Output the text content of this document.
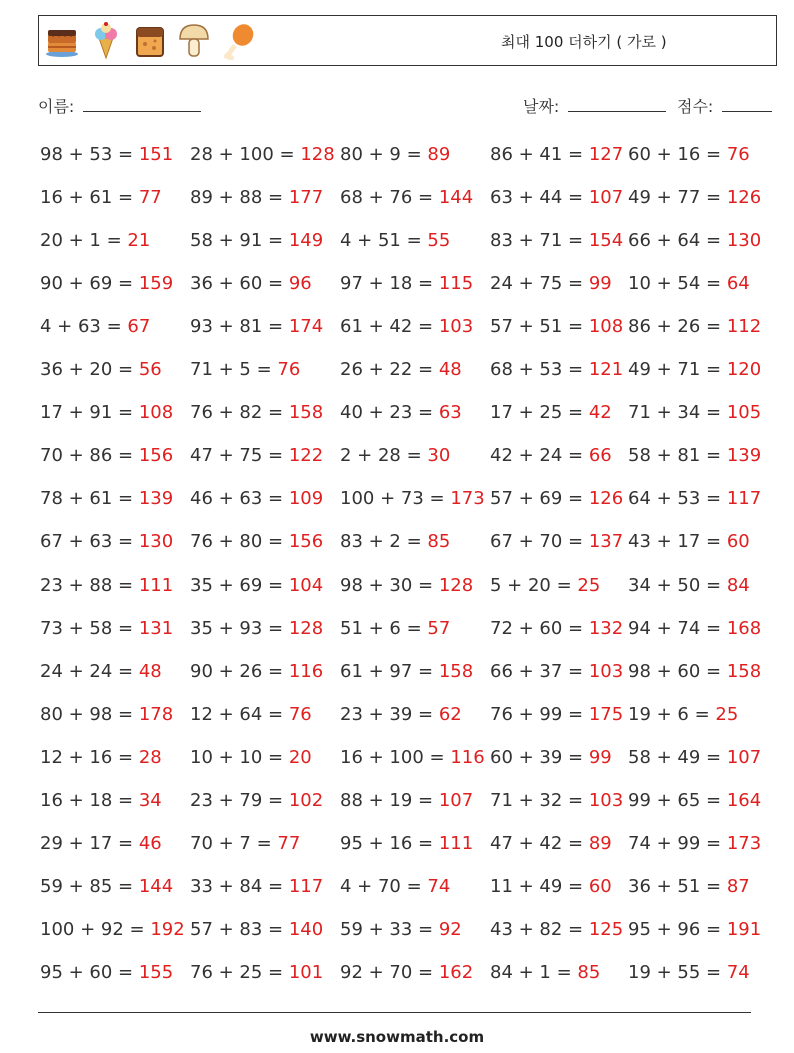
최대 100 더하기 ( 가로 )
이름:	날짜:	점수:
98 + 53 = 151 28 + 100 = 128 80 + 9 = 89 86 + 41 = 127 60 + 16 = 76
16 + 61 = 77 89 + 88 = 177 68 + 76 = 144 63 + 44 = 107 49 + 77 = 126
20 + 1 = 21 58 + 91 = 149 4 + 51 = 55 83 + 71 = 154 66 + 64 = 130
90 + 69 = 159 36 + 60 = 96 97 + 18 = 115 24 + 75 = 99 10 + 54 = 64
4 + 63 = 67 93 + 81 = 174 61 + 42 = 103 57 + 51 = 108 86 + 26 = 112
36 + 20 = 56 71 + 5 = 76 26 + 22 = 48 68 + 53 = 121 49 + 71 = 120
17 + 91 = 108 76 + 82 = 158 40 + 23 = 63 17 + 25 = 42 71 + 34 = 105
70 + 86 = 156 47 + 75 = 122 2 + 28 = 30 42 + 24 = 66 58 + 81 = 139
78 + 61 = 139 46 + 63 = 109 100 + 73 = 173 57 + 69 = 126 64 + 53 = 117
67 + 63 = 130 76 + 80 = 156 83 + 2 = 85 67 + 70 = 137 43 + 17 = 60
23 + 88 = 111 35 + 69 = 104 98 + 30 = 128 5 + 20 = 25 34 + 50 = 84
73 + 58 = 131 35 + 93 = 128 51 + 6 = 57 72 + 60 = 132 94 + 74 = 168
24 + 24 = 48 90 + 26 = 116 61 + 97 = 158 66 + 37 = 103 98 + 60 = 158
80 + 98 = 178 12 + 64 = 76 23 + 39 = 62 76 + 99 = 175 19 + 6 = 25
12 + 16 = 28 10 + 10 = 20 16 + 100 = 116 60 + 39 = 99 58 + 49 = 107
16 + 18 = 34 23 + 79 = 102 88 + 19 = 107 71 + 32 = 103 99 + 65 = 164
29 + 17 = 46 70 + 7 = 77 95 + 16 = 111 47 + 42 = 89 74 + 99 = 173
59 + 85 = 144 33 + 84 = 117 4 + 70 = 74 11 + 49 = 60 36 + 51 = 87
100 + 92 = 192 57 + 83 = 140 59 + 33 = 92 43 + 82 = 125 95 + 96 = 191
95 + 60 = 155 76 + 25 = 101 92 + 70 = 162 84 + 1 = 85 19 + 55 = 74
www.snowmath.com
